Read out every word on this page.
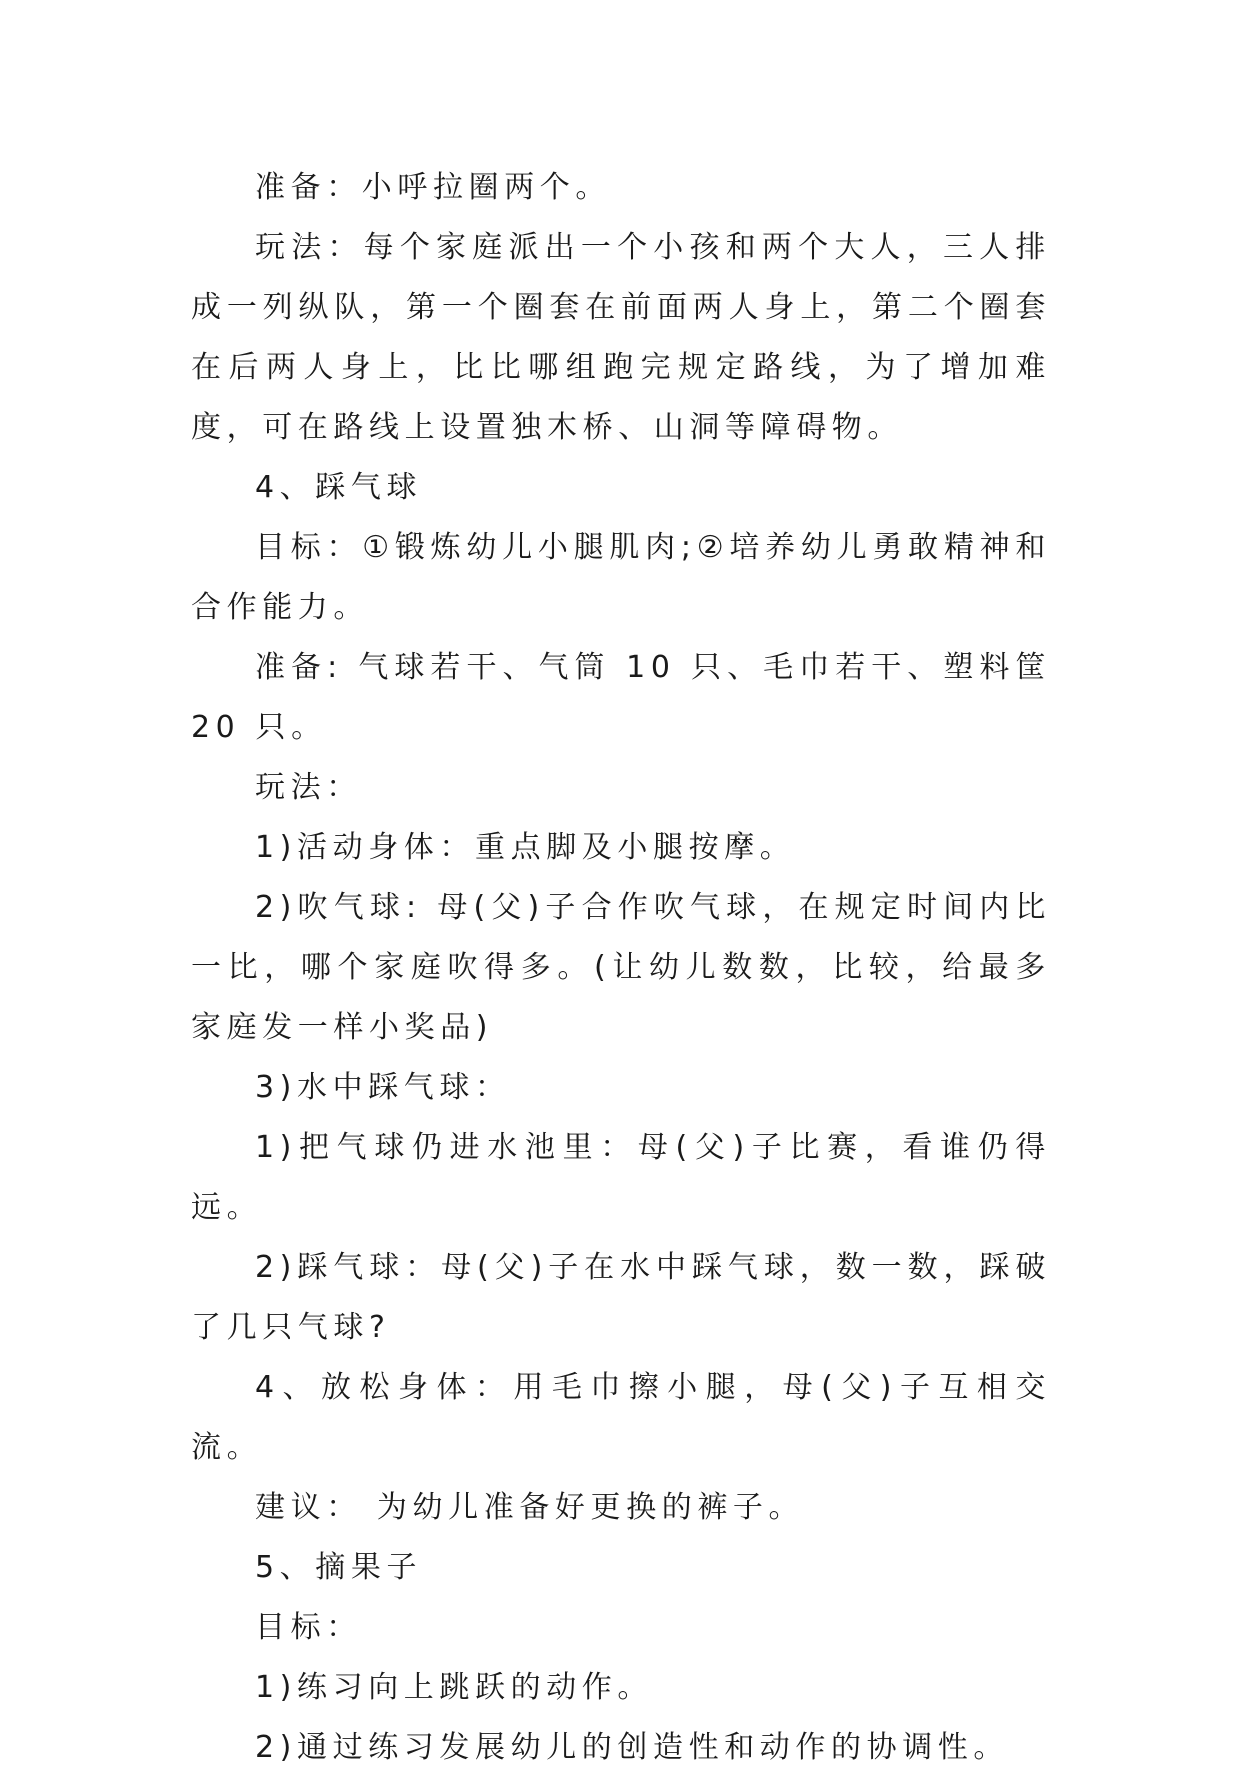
准备：小呼拉圈两个。

玩法：每个家庭派出一个小孩和两个大人，三人排成一列纵队，第一个圈套在前面两人身上，第二个圈套在后两人身上，比比哪组跑完规定路线，为了增加难度，可在路线上设置独木桥、山洞等障碍物。

4、踩气球

目标：①锻炼幼儿小腿肌肉;②培养幼儿勇敢精神和合作能力。

准备: 气球若干、气筒 10 只、毛巾若干、塑料筐 20 只。

玩法：

1)活动身体：重点脚及小腿按摩。

2)吹气球: 母(父)子合作吹气球，在规定时间内比一比，哪个家庭吹得多。(让幼儿数数，比较，给最多家庭发一样小奖品)

3)水中踩气球：

1)把气球仍进水池里：母(父)子比赛，看谁仍得远。

2)踩气球：母(父)子在水中踩气球，数一数，踩破了几只气球?

4、放松身体：用毛巾擦小腿，母(父)子互相交流。

建议： 为幼儿准备好更换的裤子。

5、摘果子

目标：

1)练习向上跳跃的动作。

2)通过练习发展幼儿的创造性和动作的协调性。
